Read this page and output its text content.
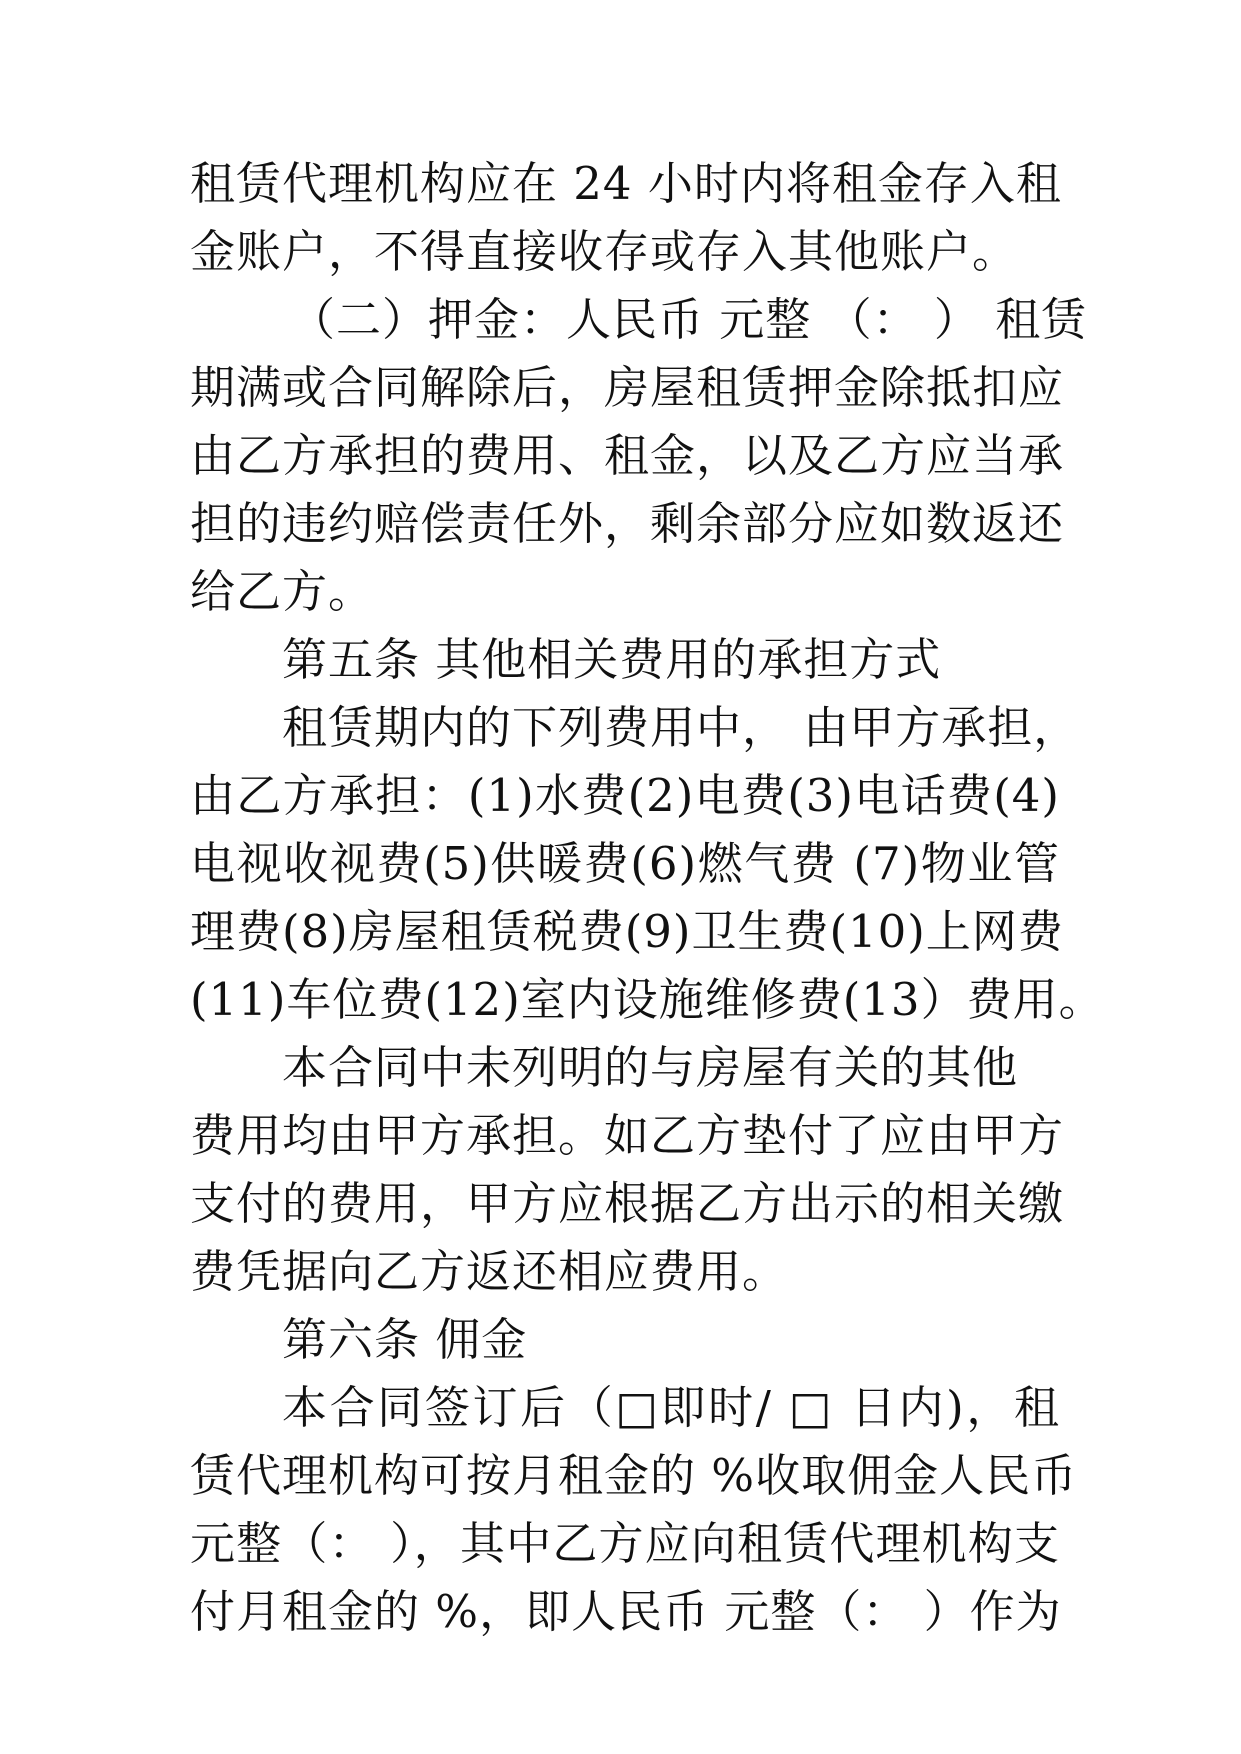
租赁代理机构应在 24 小时内将租金存入租
金账户，不得直接收存或存入其他账户。
（二）押金：人民币 元整 （： ） 租赁
期满或合同解除后，房屋租赁押金除抵扣应
由乙方承担的费用、租金，以及乙方应当承
担的违约赔偿责任外，剩余部分应如数返还
给乙方。
第五条 其他相关费用的承担方式
租赁期内的下列费用中， 由甲方承担，
由乙方承担：(1)水费(2)电费(3)电话费(4)
电视收视费(5)供暖费(6)燃气费 (7)物业管
理费(8)房屋租赁税费(9)卫生费(10)上网费
(11)车位费(12)室内设施维修费(13）费用。
本合同中未列明的与房屋有关的其他
费用均由甲方承担。如乙方垫付了应由甲方
支付的费用，甲方应根据乙方出示的相关缴
费凭据向乙方返还相应费用。
第六条 佣金
本合同签订后（□即时/ □ 日内)，租
赁代理机构可按月租金的 %收取佣金人民币
元整（： ），其中乙方应向租赁代理机构支
付月租金的 %，即人民币 元整（： ）作为
